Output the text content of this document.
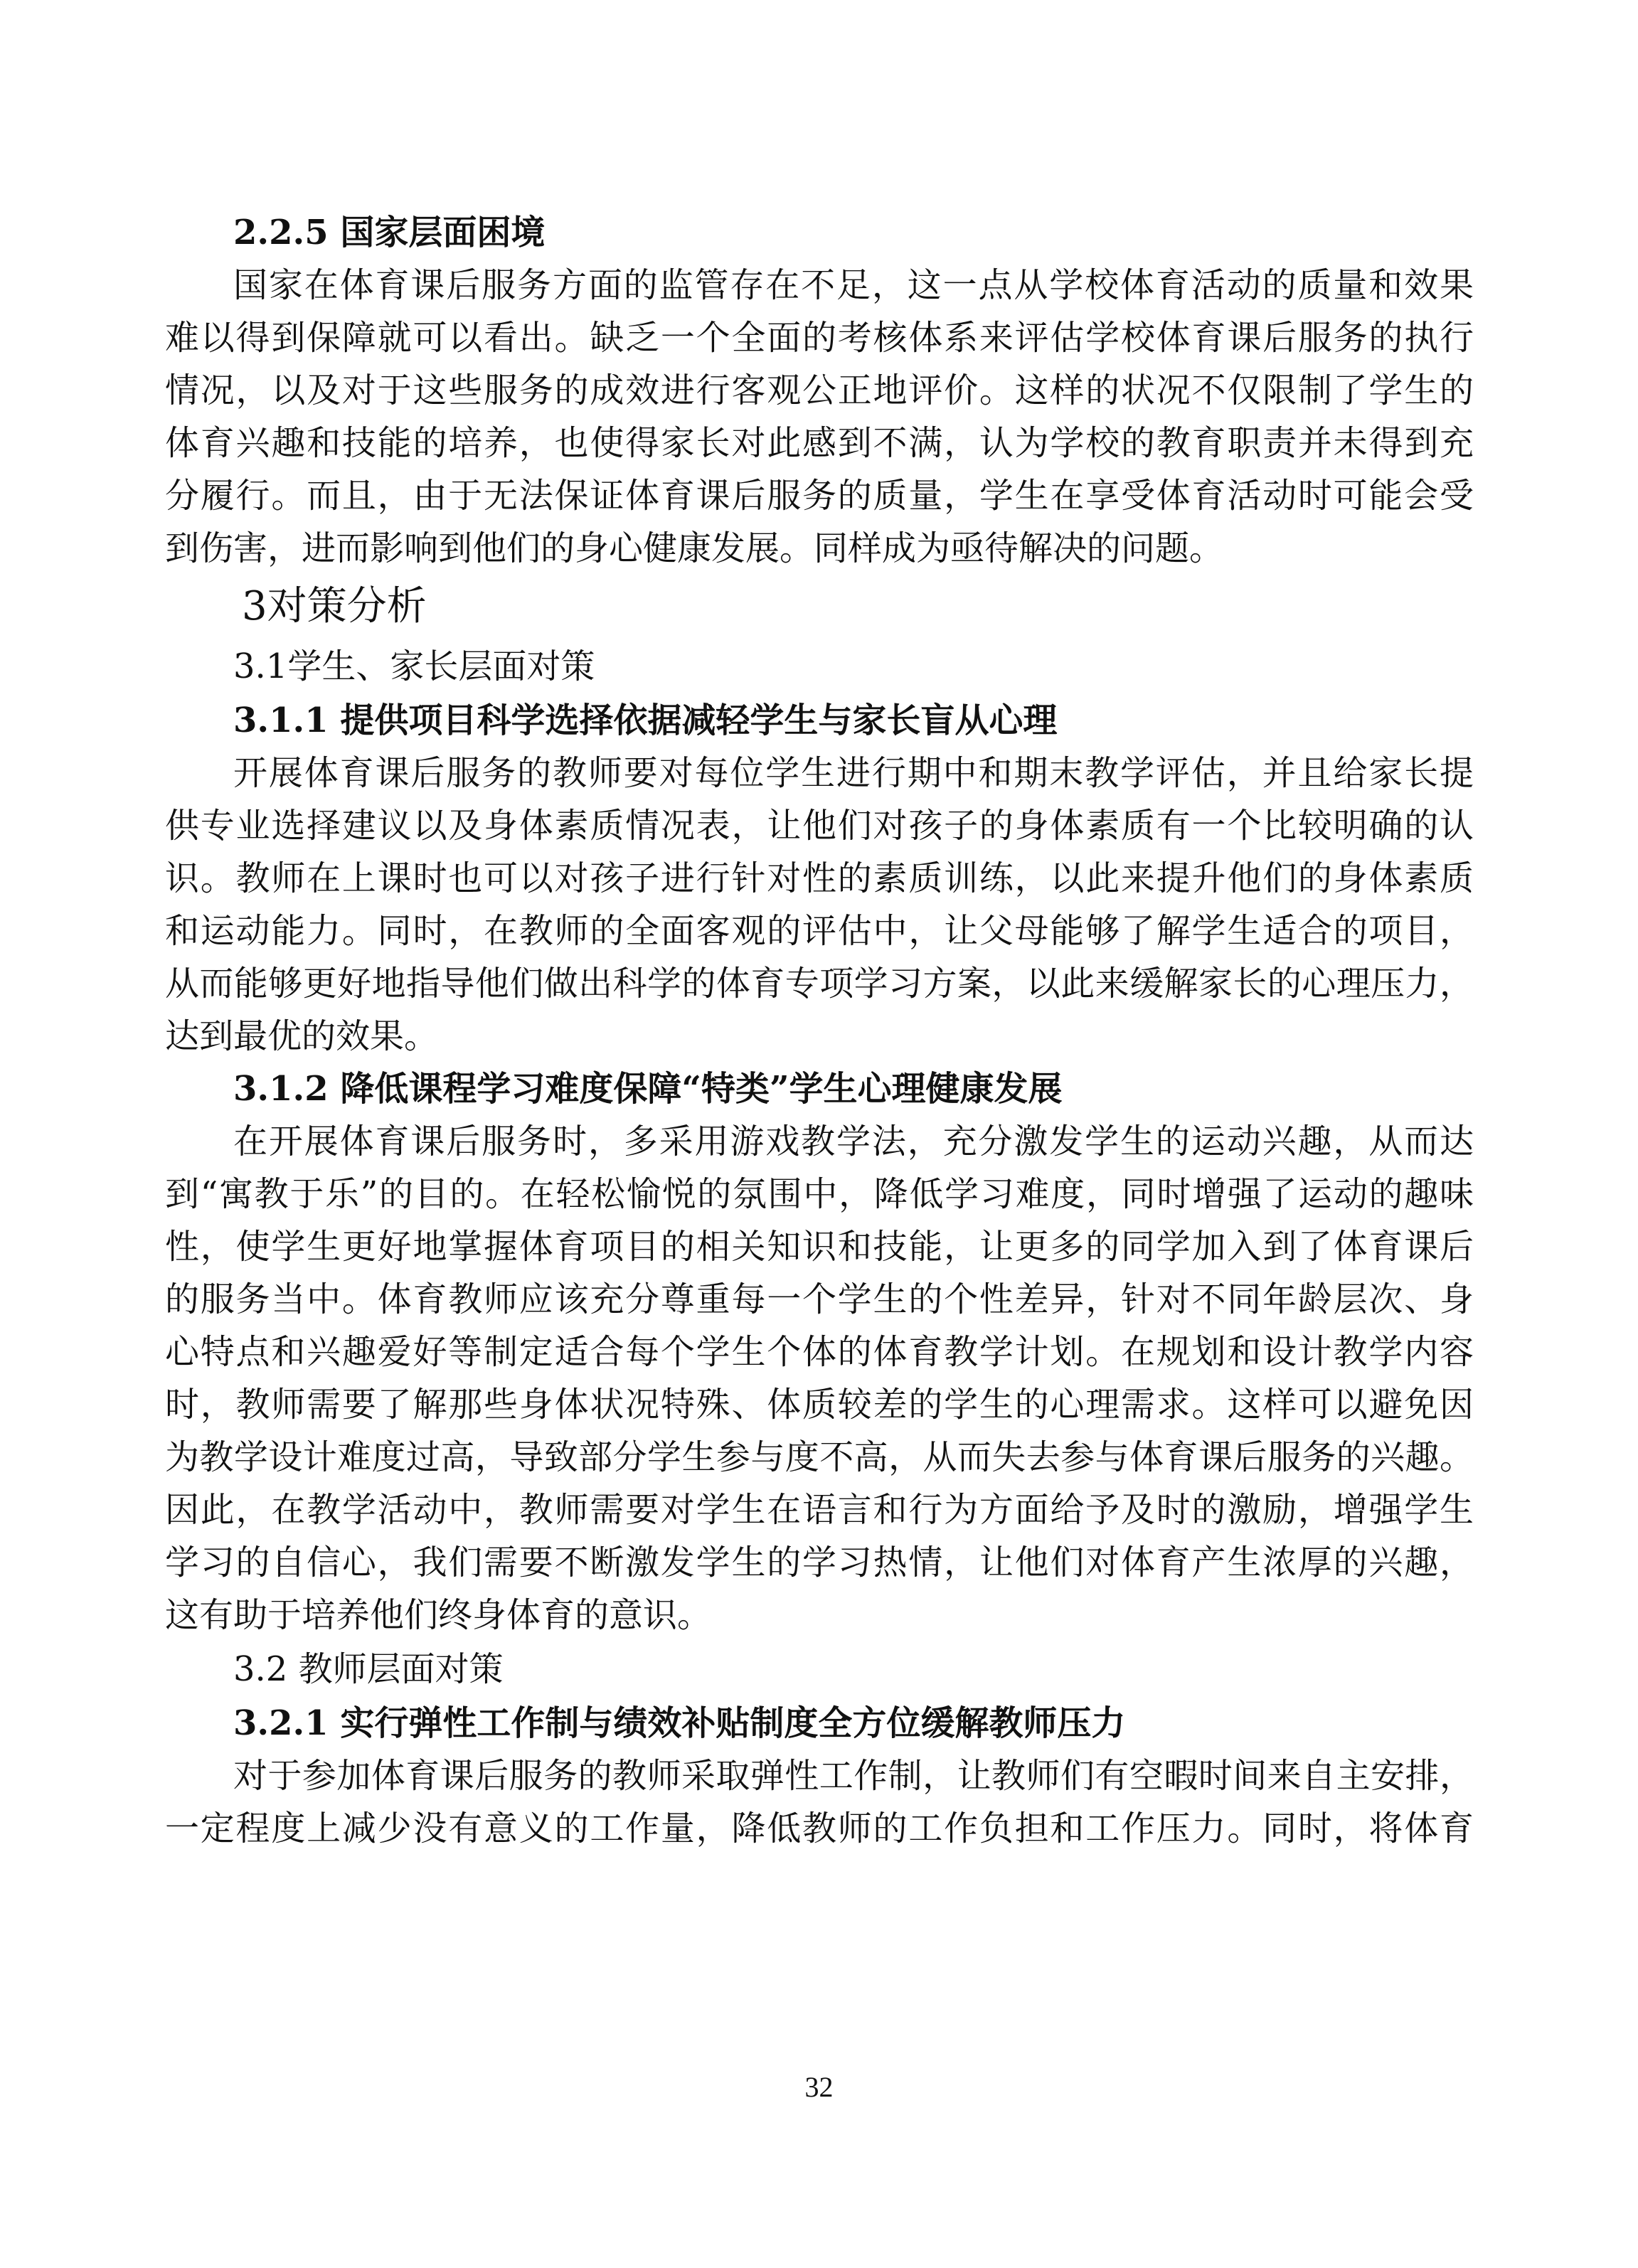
2.2.5 国家层面困境
国家在体育课后服务方面的监管存在不足，这一点从学校体育活动的质量和效果
难以得到保障就可以看出。缺乏一个全面的考核体系来评估学校体育课后服务的执行
情况，以及对于这些服务的成效进行客观公正地评价。这样的状况不仅限制了学生的
体育兴趣和技能的培养，也使得家长对此感到不满，认为学校的教育职责并未得到充
分履行。而且，由于无法保证体育课后服务的质量，学生在享受体育活动时可能会受
到伤害，进而影响到他们的身心健康发展。同样成为亟待解决的问题。
3对策分析
3.1学生、家长层面对策
3.1.1 提供项目科学选择依据减轻学生与家长盲从心理
开展体育课后服务的教师要对每位学生进行期中和期末教学评估，并且给家长提
供专业选择建议以及身体素质情况表，让他们对孩子的身体素质有一个比较明确的认
识。教师在上课时也可以对孩子进行针对性的素质训练，以此来提升他们的身体素质
和运动能力。同时，在教师的全面客观的评估中，让父母能够了解学生适合的项目，
从而能够更好地指导他们做出科学的体育专项学习方案，以此来缓解家长的心理压力，
达到最优的效果。
3.1.2 降低课程学习难度保障“特类”学生心理健康发展
在开展体育课后服务时，多采用游戏教学法，充分激发学生的运动兴趣，从而达
到“寓教于乐”的目的。在轻松愉悦的氛围中，降低学习难度，同时增强了运动的趣味
性，使学生更好地掌握体育项目的相关知识和技能，让更多的同学加入到了体育课后
的服务当中。体育教师应该充分尊重每一个学生的个性差异，针对不同年龄层次、身
心特点和兴趣爱好等制定适合每个学生个体的体育教学计划。在规划和设计教学内容
时，教师需要了解那些身体状况特殊、体质较差的学生的心理需求。这样可以避免因
为教学设计难度过高，导致部分学生参与度不高，从而失去参与体育课后服务的兴趣。
因此，在教学活动中，教师需要对学生在语言和行为方面给予及时的激励，增强学生
学习的自信心，我们需要不断激发学生的学习热情，让他们对体育产生浓厚的兴趣，
这有助于培养他们终身体育的意识。
3.2 教师层面对策
3.2.1 实行弹性工作制与绩效补贴制度全方位缓解教师压力
对于参加体育课后服务的教师采取弹性工作制，让教师们有空暇时间来自主安排，
一定程度上减少没有意义的工作量，降低教师的工作负担和工作压力。同时，将体育
32
